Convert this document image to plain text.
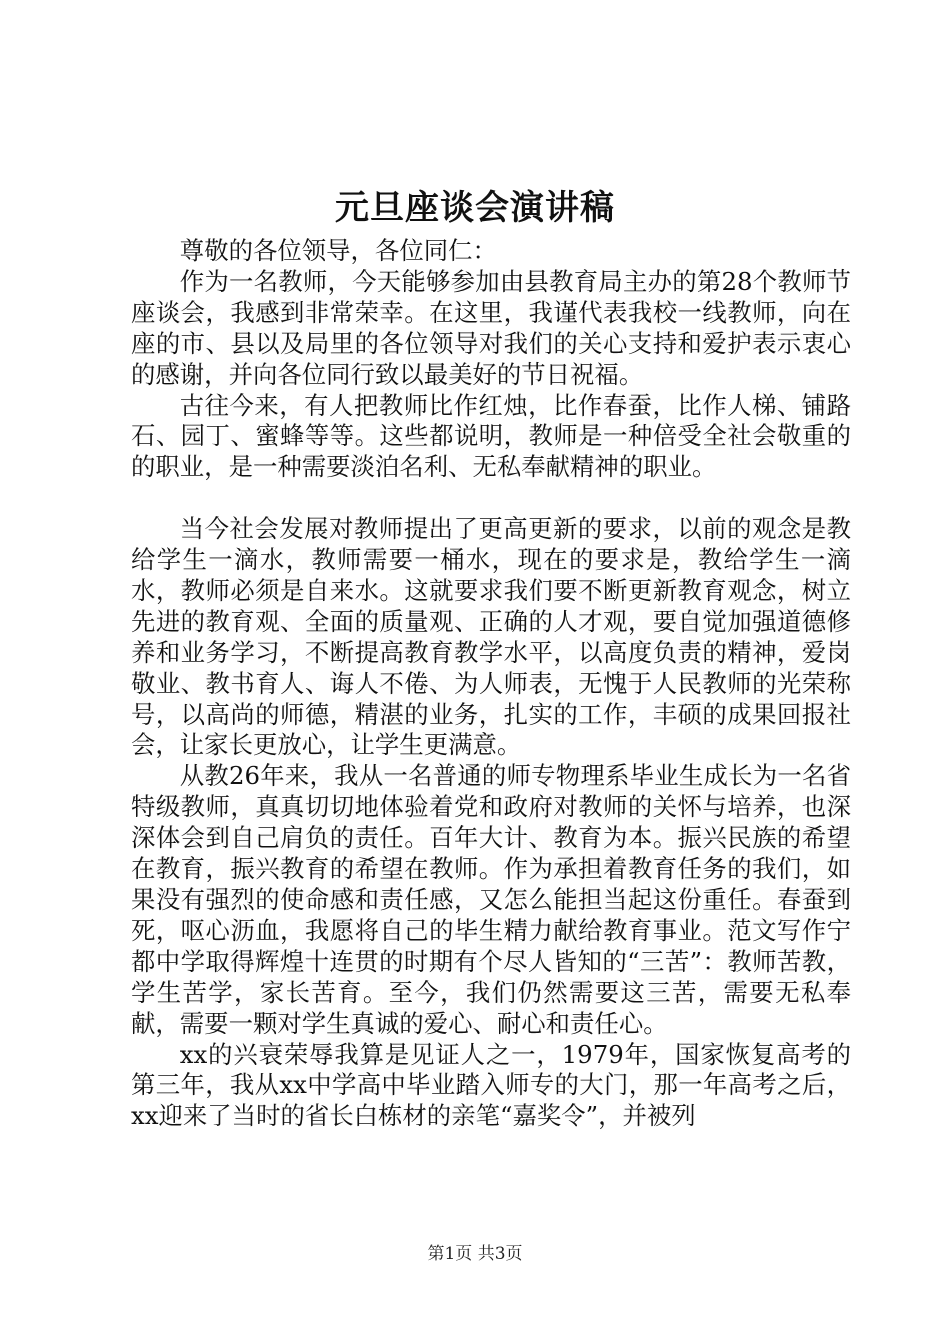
元旦座谈会演讲稿

尊敬的各位领导，各位同仁：

作为一名教师，今天能够参加由县教育局主办的第28个教师节座谈会，我感到非常荣幸。在这里，我谨代表我校一线教师，向在座的市、县以及局里的各位领导对我们的关心支持和爱护表示衷心的感谢，并向各位同行致以最美好的节日祝福。

古往今来，有人把教师比作红烛，比作春蚕，比作人梯、铺路石、园丁、蜜蜂等等。这些都说明，教师是一种倍受全社会敬重的的职业，是一种需要淡泊名利、无私奉献精神的职业。

当今社会发展对教师提出了更高更新的要求，以前的观念是教给学生一滴水，教师需要一桶水，现在的要求是，教给学生一滴水，教师必须是自来水。这就要求我们要不断更新教育观念，树立先进的教育观、全面的质量观、正确的人才观，要自觉加强道德修养和业务学习，不断提高教育教学水平，以高度负责的精神，爱岗敬业、教书育人、诲人不倦、为人师表，无愧于人民教师的光荣称号，以高尚的师德，精湛的业务，扎实的工作，丰硕的成果回报社会，让家长更放心，让学生更满意。

从教26年来，我从一名普通的师专物理系毕业生成长为一名省特级教师，真真切切地体验着党和政府对教师的关怀与培养，也深深体会到自己肩负的责任。百年大计、教育为本。振兴民族的希望在教育，振兴教育的希望在教师。作为承担着教育任务的我们，如果没有强烈的使命感和责任感，又怎么能担当起这份重任。春蚕到死，呕心沥血，我愿将自己的毕生精力献给教育事业。范文写作宁都中学取得辉煌十连贯的时期有个尽人皆知的“三苦”：教师苦教，学生苦学，家长苦育。至今，我们仍然需要这三苦，需要无私奉献，需要一颗对学生真诚的爱心、耐心和责任心。

xx的兴衰荣辱我算是见证人之一，1979年，国家恢复高考的第三年，我从xx中学高中毕业踏入师专的大门，那一年高考之后，xx迎来了当时的省长白栋材的亲笔“嘉奖令”，并被列

第1页 共3页
